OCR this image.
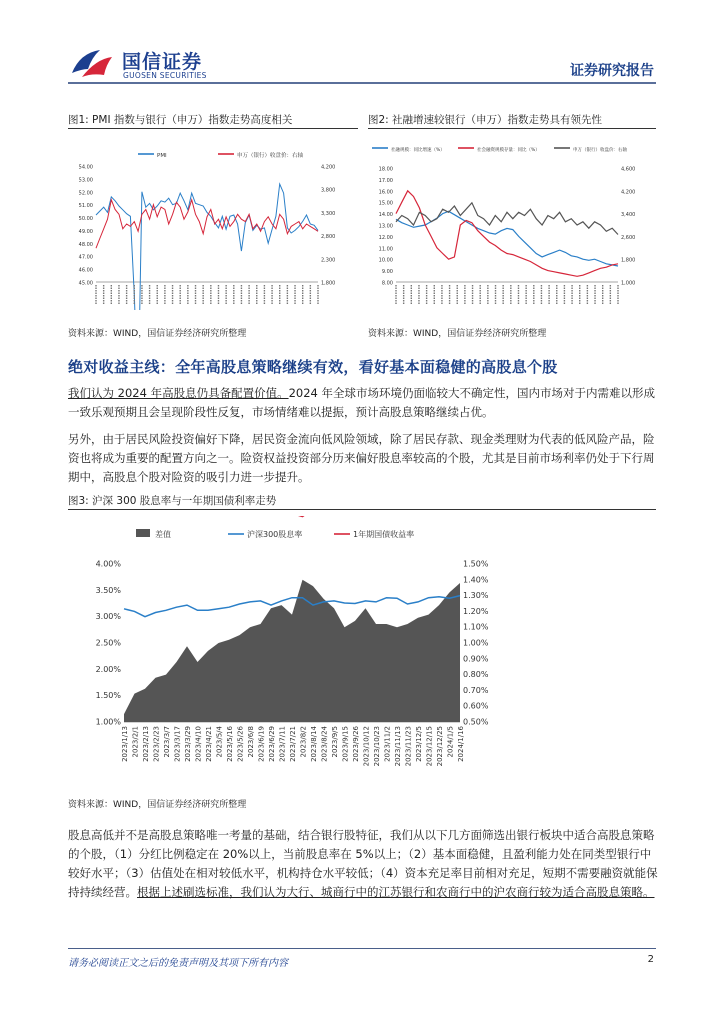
国信证券
GUOSEN SECURITIES	证券研究报告
图1: PMI 指数与银行（申万）指数走势高度相关
45.00
46.00
47.00
48.00
49.00
50.00
51.00
52.00
53.00
54.00
1,800
2,300
2,800
3,300
3,800
4,200
PMI	申万（银行）收盘价：右轴
资料来源：WIND，国信证券经济研究所整理
图2: 社融增速较银行（申万）指数走势具有领先性
8.00
9.00
10.00
11.00
12.00
13.00
14.00
15.00
16.00
17.00
18.00
1,000
1,800
2,600
3,400
4,200
4,600
社融规模：同比增速（%）	社会融资规模存量：同比（%）	申万（银行）收盘价：右轴
资料来源：WIND，国信证券经济研究所整理
绝对收益主线：全年高股息策略继续有效，看好基本面稳健的高股息个股
我们认为 2024 年高股息仍具备配置价值。2024 年全球市场环境仍面临较大不确定性，国内市场对于内需难以形成一致乐观预期且会呈现阶段性反复，市场情绪难以提振，预计高股息策略继续占优。
另外，由于居民风险投资偏好下降，居民资金流向低风险领域，除了居民存款、现金类理财为代表的低风险产品，险资也将成为重要的配置方向之一。险资权益投资部分历来偏好股息率较高的个股，尤其是目前市场利率仍处于下行周期中，高股息个股对险资的吸引力进一步提升。
图3: 沪深 300 股息率与一年期国债利率走势
1.00%
1.50%
2.00%
2.50%
3.00%
3.50%
4.00%
0.50%
0.60%
0.70%
0.80%
0.90%
1.00%
1.10%
1.20%
1.30%
1.40%
1.50%
差值	沪深300股息率	1年期国债收益率
2023/1/13 2023/2/1 2023/2/13 2023/2/23 2023/3/7 2023/3/17 2023/3/29 2023/4/10 2023/4/21 2023/5/4 2023/5/16 2023/5/26 2023/6/8 2023/6/19 2023/6/29 2023/7/11 2023/7/21 2023/8/2 2023/8/14 2023/8/24 2023/9/5 2023/9/15 2023/9/26 2023/10/12 2023/10/23 2023/11/2 2023/11/13 2023/11/23 2023/12/5 2023/12/15 2023/12/25 2024/1/5 2024/1/16
资料来源：WIND，国信证券经济研究所整理
股息高低并不是高股息策略唯一考量的基础，结合银行股特征，我们从以下几方面筛选出银行板块中适合高股息策略的个股，（1）分红比例稳定在 20%以上，当前股息率在 5%以上；（2）基本面稳健，且盈利能力处在同类型银行中较好水平；（3）估值处在相对较低水平，机构持仓水平较低；（4）资本充足率目前相对充足，短期不需要融资就能保持持续经营。根据上述刷选标准，我们认为大行、城商行中的江苏银行和农商行中的沪农商行较为适合高股息策略。
请务必阅读正文之后的免责声明及其项下所有内容	2
